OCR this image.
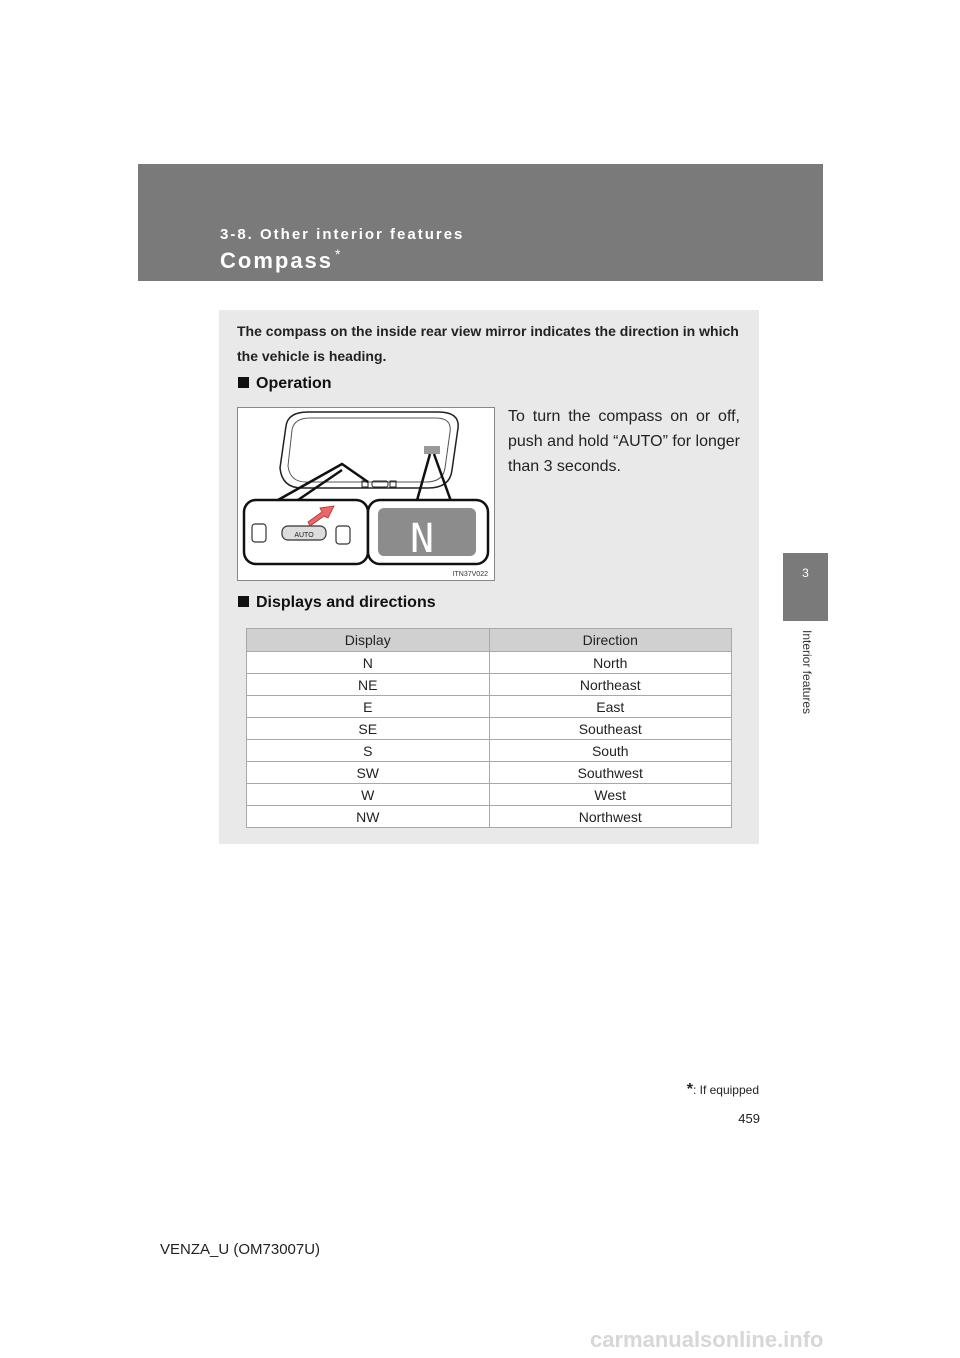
3-8. Other interior features
Compass *
3
Interior features
The compass on the inside rear view mirror indicates the direction in which the vehicle is heading.
Operation
To turn the compass on or off, push and hold “AUTO” for longer than 3 seconds.
AUTO N
ITN37V022
Displays and directions
Display	Direction
N	North
NE	Northeast
E	East
SE	Southeast
S	South
SW	Southwest
W	West
NW	Northwest
*: If equipped
459
VENZA_U (OM73007U)
carmanualsonline.info
